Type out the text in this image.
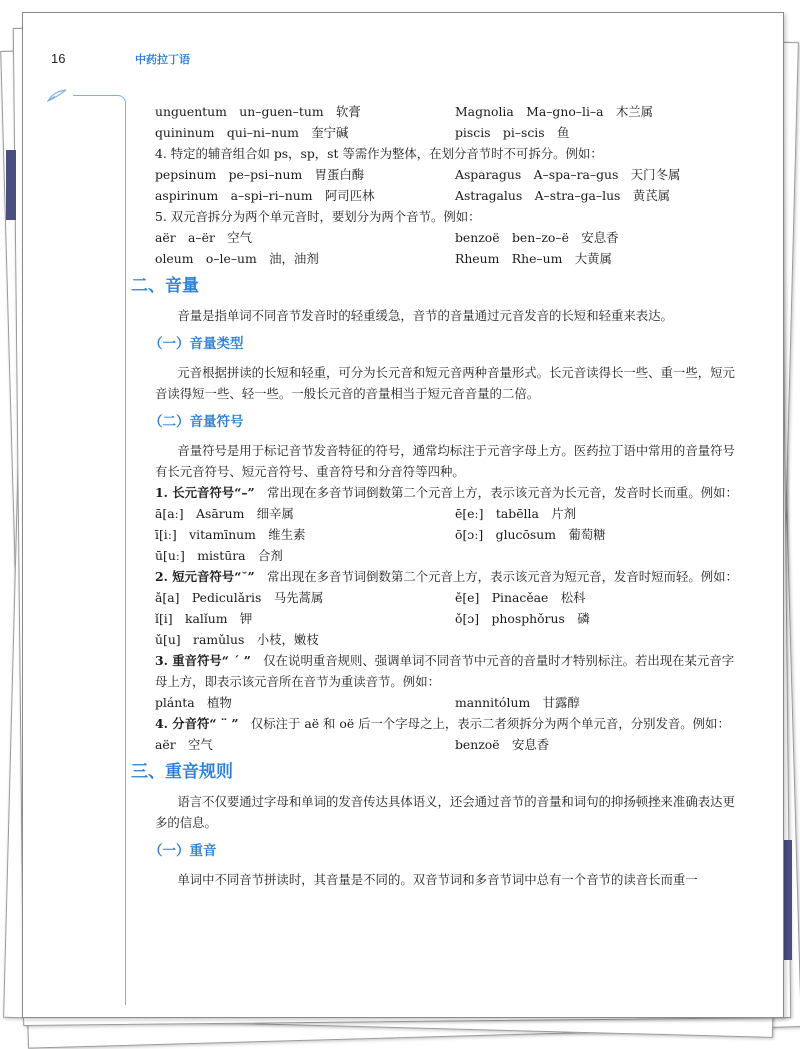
16	中药拉丁语
unguentum　un–guen–tum　软膏	Magnolia　Ma–gno–li–a　木兰属
quininum　qui–ni–num　奎宁碱	piscis　pi–scis　鱼

4. 特定的辅音组合如 ps，sp，st 等需作为整体，在划分音节时不可拆分。例如：

pepsinum　pe–psi–num　胃蛋白酶	Asparagus　A–spa–ra–gus　天门冬属
aspirinum　a–spi–ri–num　阿司匹林	Astragalus　A–stra–ga–lus　黄芪属

5. 双元音拆分为两个单元音时，要划分为两个音节。例如：

aër　a–ër　空气	benzoë　ben–zo–ë　安息香
oleum　o–le–um　油，油剂	Rheum　Rhe–um　大黄属
二、音量

音量是指单词不同音节发音时的轻重缓急，音节的音量通过元音发音的长短和轻重来表达。

（一）音量类型

元音根据拼读的长短和轻重，可分为长元音和短元音两种音量形式。长元音读得长一些、重一些，短元音读得短一些、轻一些。一般长元音的音量相当于短元音音量的二倍。

（二）音量符号

音量符号是用于标记音节发音特征的符号，通常均标注于元音字母上方。医药拉丁语中常用的音量符号有长元音符号、短元音符号、重音符号和分音符等四种。

1. 长元音符号“–”　 常出现在多音节词倒数第二个元音上方，表示该元音为长元音，发音时长而重。例如：

ā[aː]　Asārum　细辛属	ē[eː]　tabēlla　片剂
ī[iː]　vitamīnum　维生素	ō[ɔː]　glucōsum　葡萄糖
ū[uː]　mistūra　合剂

2. 短元音符号“˘”　 常出现在多音节词倒数第二个元音上方，表示该元音为短元音，发音时短而轻。例如：

ǎ[a]　Pediculǎris　马先蒿属	ě[e]　Pinacěae　松科
ǐ[i]　kalǐum　钾	ǒ[ɔ]　phosphǒrus　磷
ǔ[u]　ramǔlus　小枝，嫩枝

3. 重音符号“ ´ ”　 仅在说明重音规则、强调单词不同音节中元音的音量时才特别标注。若出现在某元音字母上方，即表示该元音所在音节为重读音节。例如：

plánta　植物	mannitólum　甘露醇

4. 分音符“ ¨ ”　 仅标注于 aë 和 oë 后一个字母之上，表示二者须拆分为两个单元音，分别发音。例如：

aër　空气	benzoë　安息香
三、重音规则

语言不仅要通过字母和单词的发音传达具体语义，还会通过音节的音量和词句的抑扬顿挫来准确表达更多的信息。

（一）重音

单词中不同音节拼读时，其音量是不同的。双音节词和多音节词中总有一个音节的读音长而重一
